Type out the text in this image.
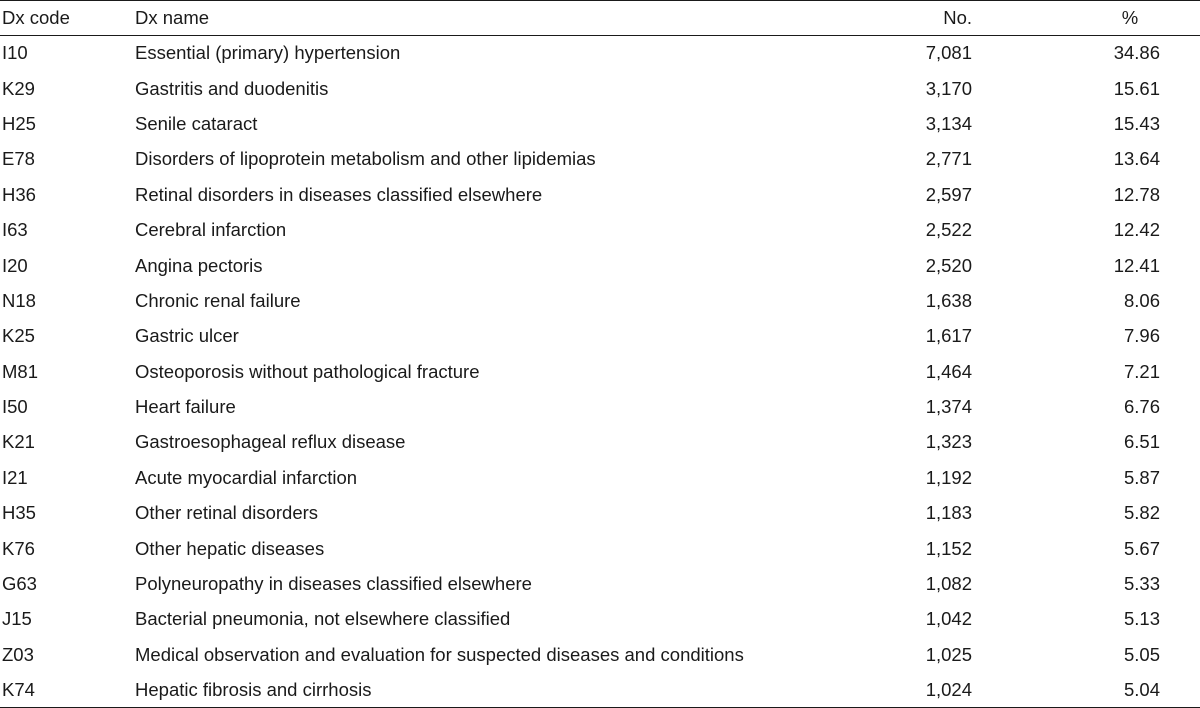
Dx code	Dx name	No.	%	
I10	Essential (primary) hypertension	7,081	34.86	
K29	Gastritis and duodenitis	3,170	15.61	
H25	Senile cataract	3,134	15.43	
E78	Disorders of lipoprotein metabolism and other lipidemias	2,771	13.64	
H36	Retinal disorders in diseases classified elsewhere	2,597	12.78	
I63	Cerebral infarction	2,522	12.42	
I20	Angina pectoris	2,520	12.41	
N18	Chronic renal failure	1,638	8.06	
K25	Gastric ulcer	1,617	7.96	
M81	Osteoporosis without pathological fracture	1,464	7.21	
I50	Heart failure	1,374	6.76	
K21	Gastroesophageal reflux disease	1,323	6.51	
I21	Acute myocardial infarction	1,192	5.87	
H35	Other retinal disorders	1,183	5.82	
K76	Other hepatic diseases	1,152	5.67	
G63	Polyneuropathy in diseases classified elsewhere	1,082	5.33	
J15	Bacterial pneumonia, not elsewhere classified	1,042	5.13	
Z03	Medical observation and evaluation for suspected diseases and conditions	1,025	5.05	
K74	Hepatic fibrosis and cirrhosis	1,024	5.04	
